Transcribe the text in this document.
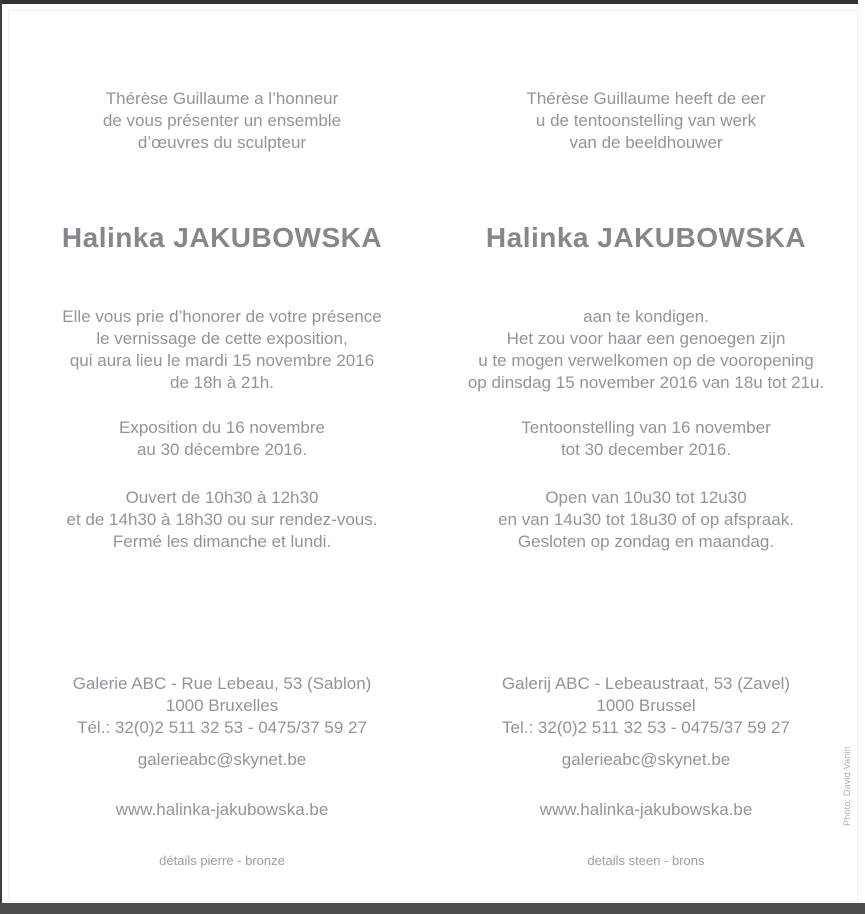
Thérèse Guillaume a l’honneur
de vous présenter un ensemble
d’œuvres du sculpteur
Halinka JAKUBOWSKA
Elle vous prie d’honorer de votre présence
le vernissage de cette exposition,
qui aura lieu le mardi 15 novembre 2016
de 18h à 21h.
Exposition du 16 novembre
au 30 décembre 2016.
Ouvert de 10h30 à 12h30
et de 14h30 à 18h30 ou sur rendez-vous.
Fermé les dimanche et lundi.
Galerie ABC - Rue Lebeau, 53 (Sablon)
1000 Bruxelles
Tél.: 32(0)2 511 32 53 - 0475/37 59 27
galerieabc@skynet.be
www.halinka-jakubowska.be
détails pierre - bronze
Thérèse Guillaume heeft de eer
u de tentoonstelling van werk
van de beeldhouwer
Halinka JAKUBOWSKA
aan te kondigen.
Het zou voor haar een genoegen zijn
u te mogen verwelkomen op de vooropening
op dinsdag 15 november 2016 van 18u tot 21u.
Tentoonstelling van 16 november
tot 30 december 2016.
Open van 10u30 tot 12u30
en van 14u30 tot 18u30 of op afspraak.
Gesloten op zondag en maandag.
Galerij ABC - Lebeaustraat, 53 (Zavel)
1000 Brussel
Tel.: 32(0)2 511 32 53 - 0475/37 59 27
galerieabc@skynet.be
www.halinka-jakubowska.be
details steen - brons
Photo: David Vanin
